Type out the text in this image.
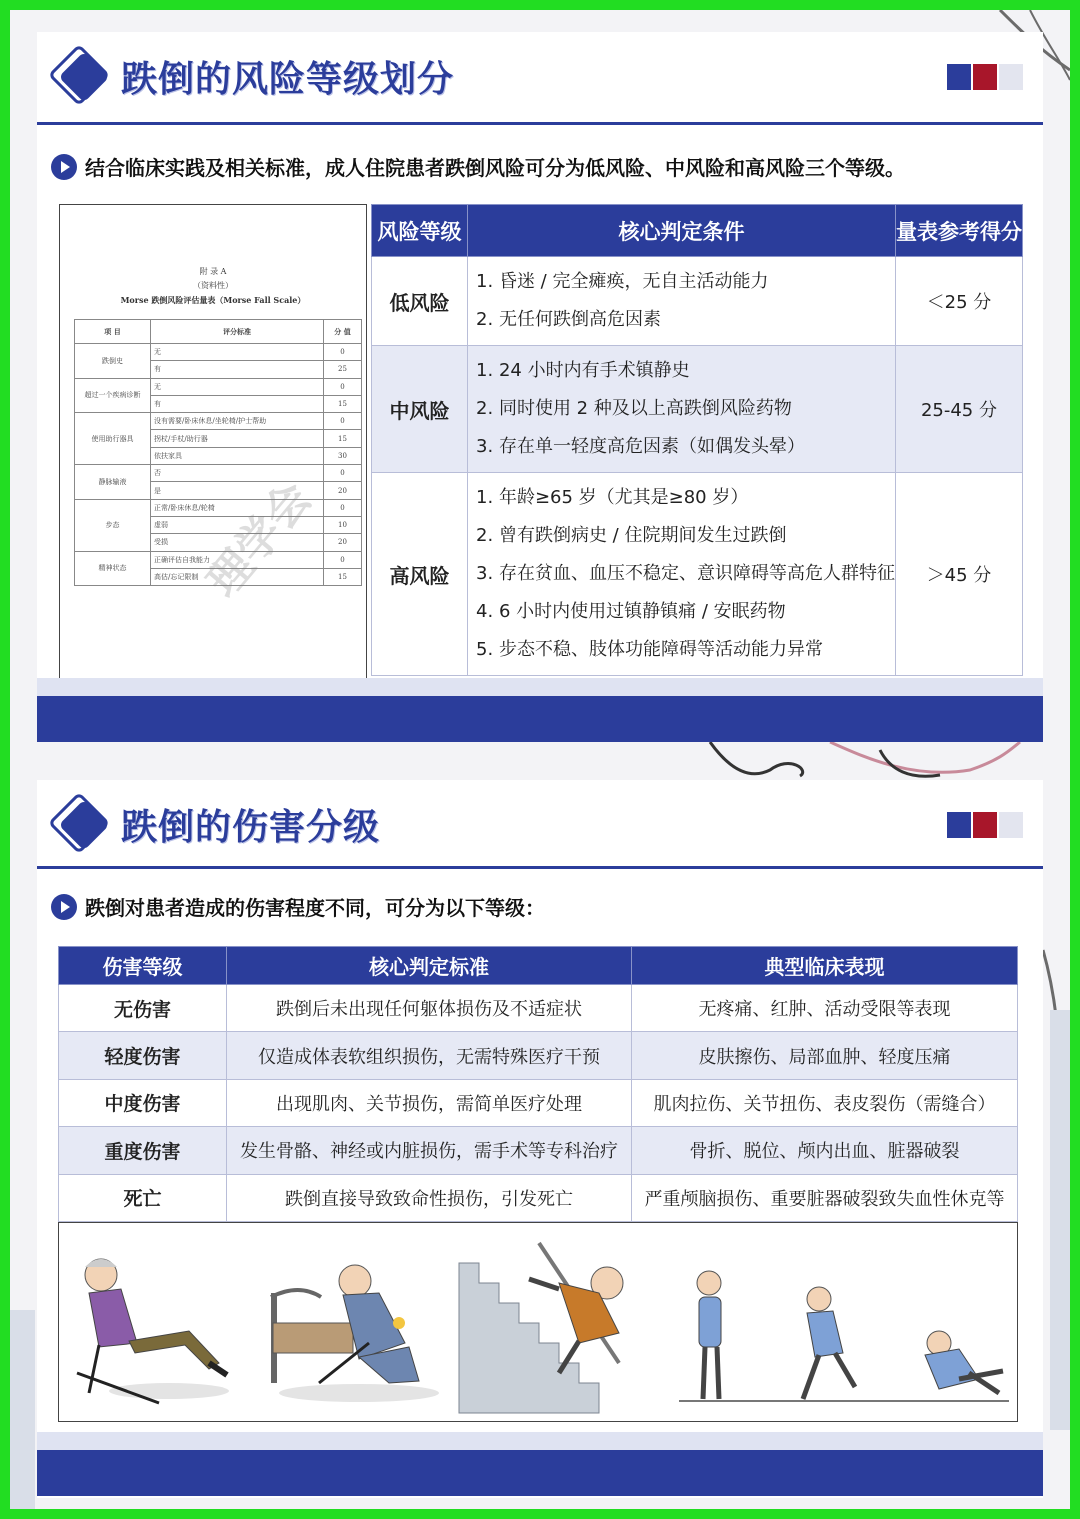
跌倒的风险等级划分
结合临床实践及相关标准，成人住院患者跌倒风险可分为低风险、中风险和高风险三个等级。
附 录 A
（资料性）
Morse 跌倒风险评估量表（Morse Fall Scale）
项 目	评分标准	分 值
跌倒史	无	0
	有	25
超过一个疾病诊断	无	0
	有	15
使用助行器具	没有需要/卧床休息/坐轮椅/护士帮助	0
	拐杖/手杖/助行器	15
	依扶家具	30
静脉输液	否	0
	是	20
步态	正常/卧床休息/轮椅	0
	虚弱	10
	受损	20
精神状态	正确评估自我能力	0
	高估/忘记限制	15
理学会
风险等级	核心判定条件	量表参考得分
低风险	1. 昏迷 / 完全瘫痪，无自主活动能力
2. 无任何跌倒高危因素	＜25 分
中风险	1. 24 小时内有手术镇静史
2. 同时使用 2 种及以上高跌倒风险药物
3. 存在单一轻度高危因素（如偶发头晕）	25-45 分
高风险	1. 年龄≥65 岁（尤其是≥80 岁）
2. 曾有跌倒病史 / 住院期间发生过跌倒
3. 存在贫血、血压不稳定、意识障碍等高危人群特征
4. 6 小时内使用过镇静镇痛 / 安眠药物
5. 步态不稳、肢体功能障碍等活动能力异常	＞45 分
跌倒的伤害分级
跌倒对患者造成的伤害程度不同，可分为以下等级：
伤害等级	核心判定标准	典型临床表现
无伤害	跌倒后未出现任何躯体损伤及不适症状	无疼痛、红肿、活动受限等表现
轻度伤害	仅造成体表软组织损伤，无需特殊医疗干预	皮肤擦伤、局部血肿、轻度压痛
中度伤害	出现肌肉、关节损伤，需简单医疗处理	肌肉拉伤、关节扭伤、表皮裂伤（需缝合）
重度伤害	发生骨骼、神经或内脏损伤，需手术等专科治疗	骨折、脱位、颅内出血、脏器破裂
死亡	跌倒直接导致致命性损伤，引发死亡	严重颅脑损伤、重要脏器破裂致失血性休克等
